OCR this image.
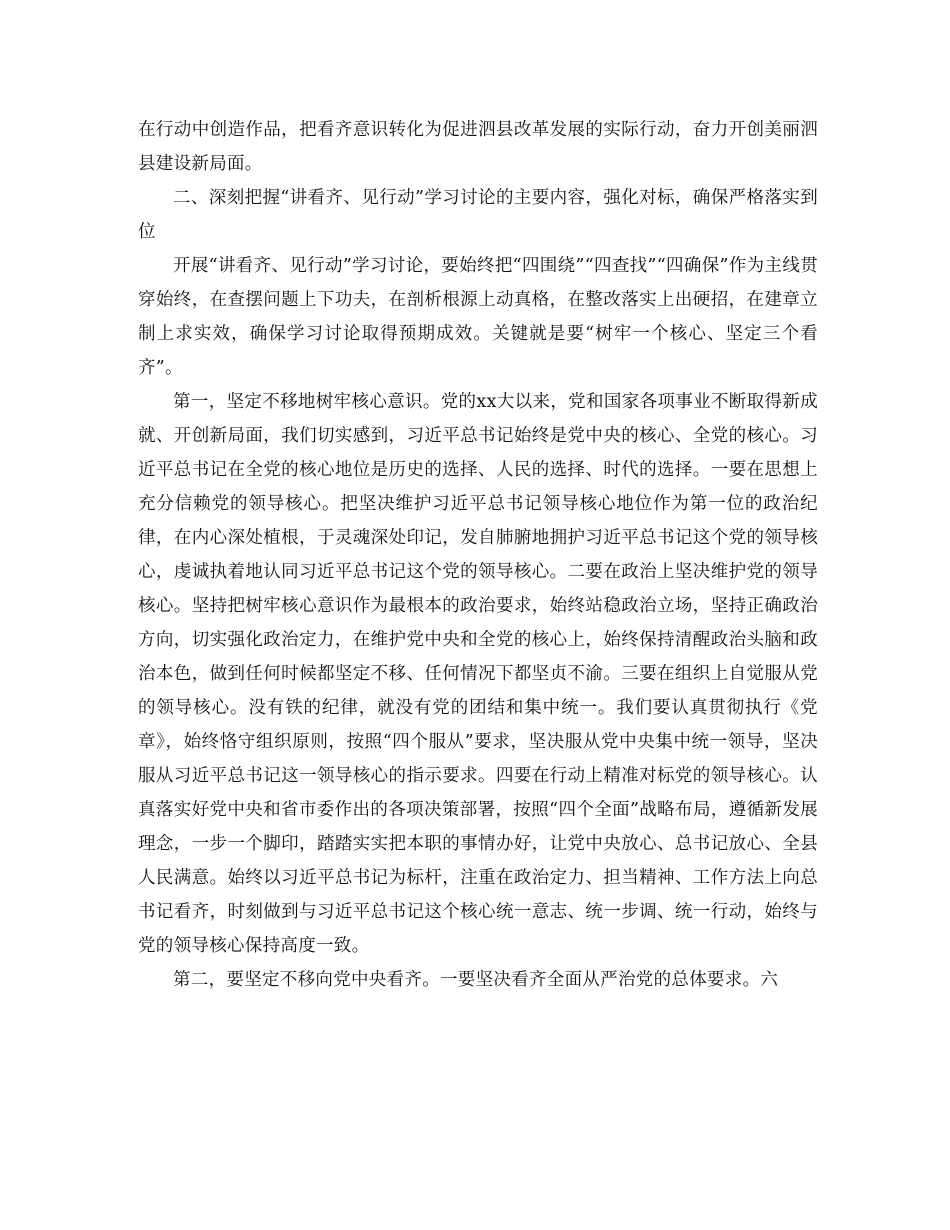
在行动中创造作品，把看齐意识转化为促进泗县改革发展的实际行动，奋力开创美丽泗县建设新局面。

二、深刻把握“讲看齐、见行动”学习讨论的主要内容，强化对标，确保严格落实到位

开展“讲看齐、见行动”学习讨论，要始终把“四围绕”“四查找”“四确保”作为主线贯穿始终，在查摆问题上下功夫，在剖析根源上动真格，在整改落实上出硬招，在建章立制上求实效，确保学习讨论取得预期成效。关键就是要“树牢一个核心、坚定三个看齐”。

第一，坚定不移地树牢核心意识。党的xx大以来，党和国家各项事业不断取得新成就、开创新局面，我们切实感到，习近平总书记始终是党中央的核心、全党的核心。习近平总书记在全党的核心地位是历史的选择、人民的选择、时代的选择。一要在思想上充分信赖党的领导核心。把坚决维护习近平总书记领导核心地位作为第一位的政治纪律，在内心深处植根，于灵魂深处印记，发自肺腑地拥护习近平总书记这个党的领导核心，虔诚执着地认同习近平总书记这个党的领导核心。二要在政治上坚决维护党的领导核心。坚持把树牢核心意识作为最根本的政治要求，始终站稳政治立场，坚持正确政治方向，切实强化政治定力，在维护党中央和全党的核心上，始终保持清醒政治头脑和政治本色，做到任何时候都坚定不移、任何情况下都坚贞不渝。三要在组织上自觉服从党的领导核心。没有铁的纪律，就没有党的团结和集中统一。我们要认真贯彻执行《党章》，始终恪守组织原则，按照“四个服从”要求，坚决服从党中央集中统一领导，坚决服从习近平总书记这一领导核心的指示要求。四要在行动上精准对标党的领导核心。认真落实好党中央和省市委作出的各项决策部署，按照“四个全面”战略布局，遵循新发展理念，一步一个脚印，踏踏实实把本职的事情办好，让党中央放心、总书记放心、全县人民满意。始终以习近平总书记为标杆，注重在政治定力、担当精神、工作方法上向总书记看齐，时刻做到与习近平总书记这个核心统一意志、统一步调、统一行动，始终与党的领导核心保持高度一致。

第二，要坚定不移向党中央看齐。一要坚决看齐全面从严治党的总体要求。六
